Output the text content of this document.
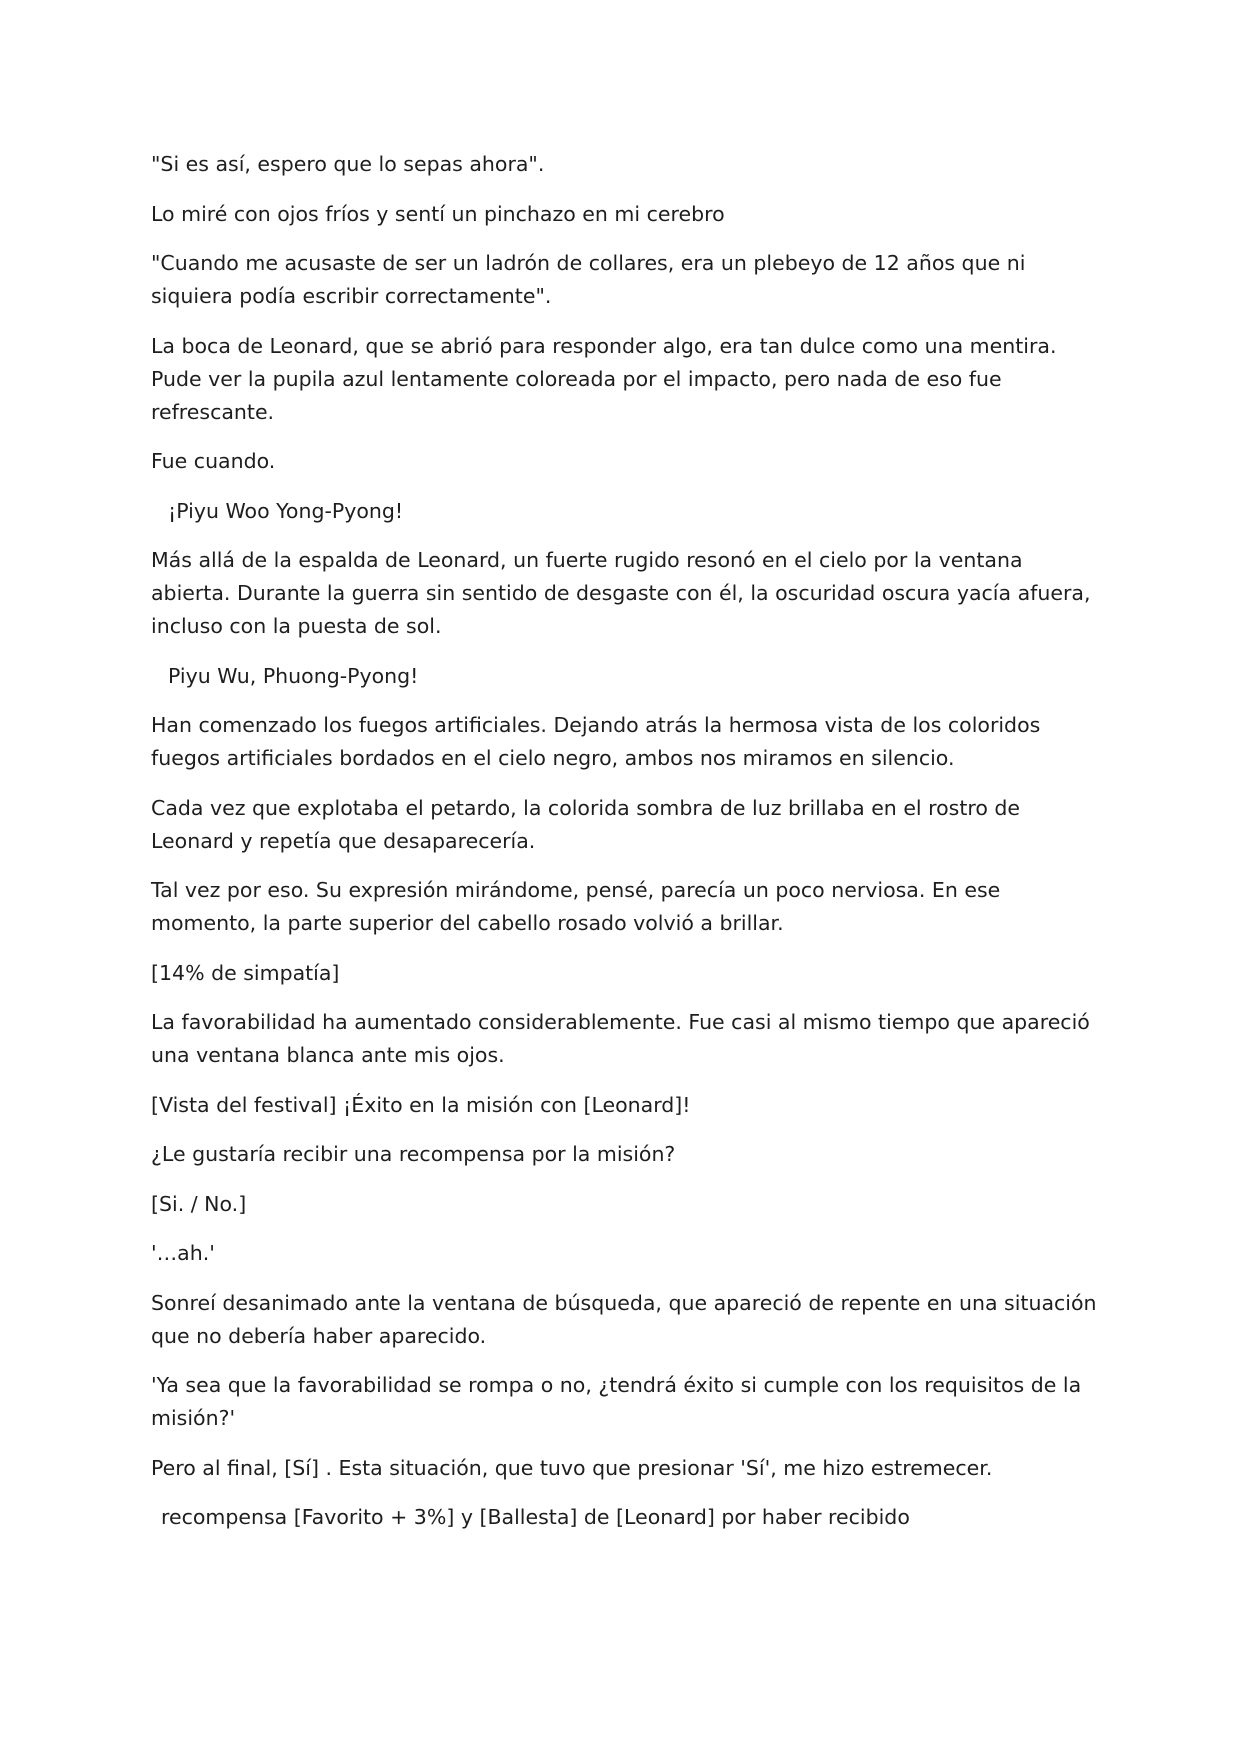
"Si es así, espero que lo sepas ahora".

Lo miré con ojos fríos y sentí un pinchazo en mi cerebro

"Cuando me acusaste de ser un ladrón de collares, era un plebeyo de 12 años que ni siquiera podía escribir correctamente".

La boca de Leonard, que se abrió para responder algo, era tan dulce como una mentira. Pude ver la pupila azul lentamente coloreada por el impacto, pero nada de eso fue refrescante.

Fue cuando.

¡Piyu Woo Yong-Pyong!

Más allá de la espalda de Leonard, un fuerte rugido resonó en el cielo por la ventana abierta. Durante la guerra sin sentido de desgaste con él, la oscuridad oscura yacía afuera, incluso con la puesta de sol.

Piyu Wu, Phuong-Pyong!

Han comenzado los fuegos artificiales. Dejando atrás la hermosa vista de los coloridos fuegos artificiales bordados en el cielo negro, ambos nos miramos en silencio.

Cada vez que explotaba el petardo, la colorida sombra de luz brillaba en el rostro de Leonard y repetía que desaparecería.

Tal vez por eso. Su expresión mirándome, pensé, parecía un poco nerviosa. En ese momento, la parte superior del cabello rosado volvió a brillar.

[14% de simpatía]

La favorabilidad ha aumentado considerablemente. Fue casi al mismo tiempo que apareció una ventana blanca ante mis ojos.

[Vista del festival] ¡Éxito en la misión con [Leonard]!

¿Le gustaría recibir una recompensa por la misión?

[Si. / No.]

'…ah.'

Sonreí desanimado ante la ventana de búsqueda, que apareció de repente en una situación que no debería haber aparecido.

'Ya sea que la favorabilidad se rompa o no, ¿tendrá éxito si cumple con los requisitos de la misión?'

Pero al final, [Sí] . Esta situación, que tuvo que presionar 'Sí', me hizo estremecer.

recompensa [Favorito + 3%] y [Ballesta] de [Leonard] por haber recibido
